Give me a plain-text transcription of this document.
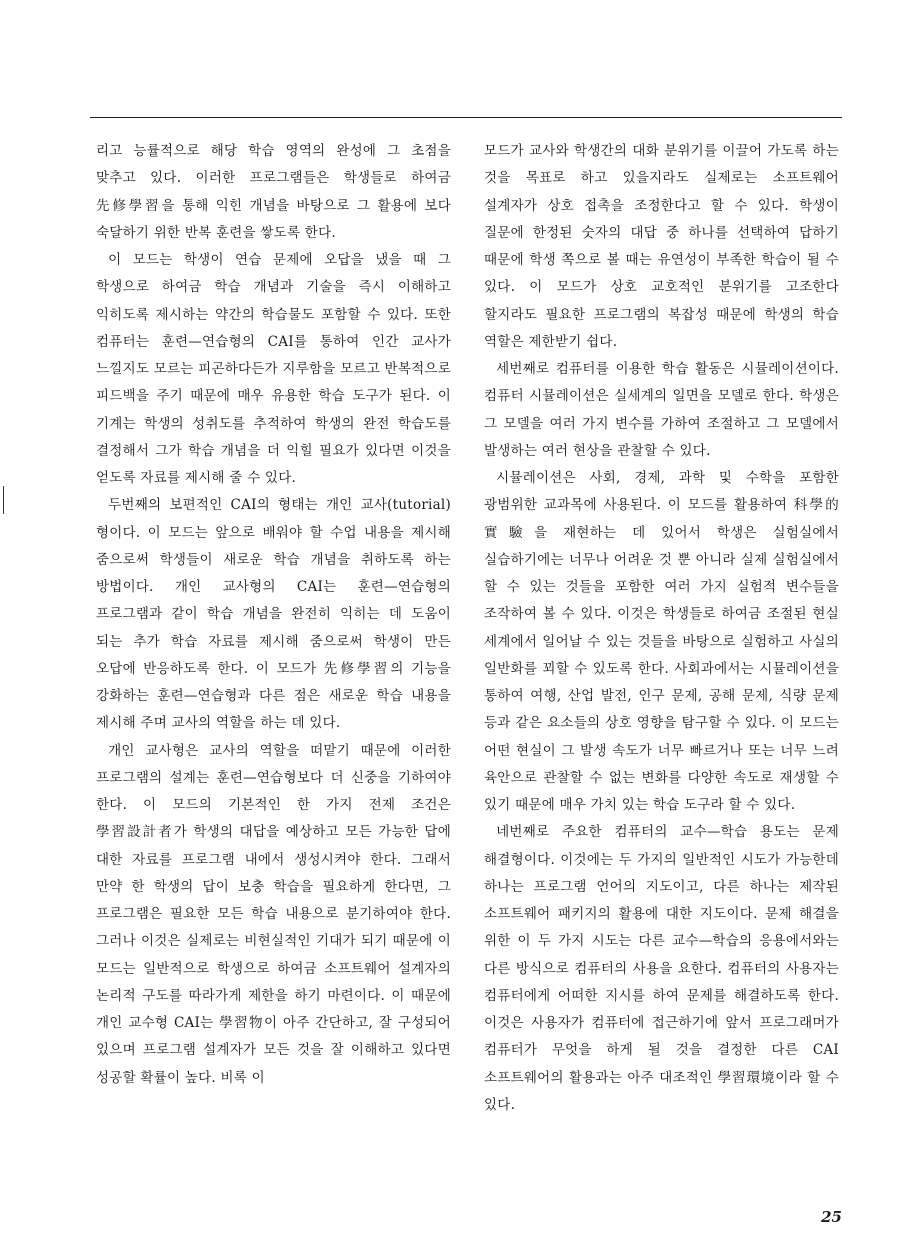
리고 능률적으로 해당 학습 영역의 완성에 그 초점을 맞추고 있다. 이러한 프로그램들은 학생들로 하여금 先修學習을 통해 익힌 개념을 바탕으로 그 활용에 보다 숙달하기 위한 반복 훈련을 쌓도록 한다.

이 모드는 학생이 연습 문제에 오답을 냈을 때 그 학생으로 하여금 학습 개념과 기술을 즉시 이해하고 익히도록 제시하는 약간의 학습물도 포함할 수 있다. 또한 컴퓨터는 훈련—연습형의 CAI를 통하여 인간 교사가 느낄지도 모르는 피곤하다든가 지루함을 모르고 반복적으로 피드백을 주기 때문에 매우 유용한 학습 도구가 된다. 이 기계는 학생의 성취도를 추적하여 학생의 완전 학습도를 결정해서 그가 학습 개념을 더 익힐 필요가 있다면 이것을 얻도록 자료를 제시해 줄 수 있다.

두번째의 보편적인 CAI의 형태는 개인 교사(tutorial)형이다. 이 모드는 앞으로 배워야 할 수업 내용을 제시해 줌으로써 학생들이 새로운 학습 개념을 취하도록 하는 방법이다. 개인 교사형의 CAI는 훈련—연습형의 프로그램과 같이 학습 개념을 완전히 익히는 데 도움이 되는 추가 학습 자료를 제시해 줌으로써 학생이 만든 오답에 반응하도록 한다. 이 모드가 先修學習의 기능을 강화하는 훈련—연습형과 다른 점은 새로운 학습 내용을 제시해 주며 교사의 역할을 하는 데 있다.

개인 교사형은 교사의 역할을 떠맡기 때문에 이러한 프로그램의 설계는 훈련—연습형보다 더 신중을 기하여야 한다. 이 모드의 기본적인 한 가지 전제 조건은 學習設計者가 학생의 대답을 예상하고 모든 가능한 답에 대한 자료를 프로그램 내에서 생성시켜야 한다. 그래서 만약 한 학생의 답이 보충 학습을 필요하게 한다면, 그 프로그램은 필요한 모든 학습 내용으로 분기하여야 한다. 그러나 이것은 실제로는 비현실적인 기대가 되기 때문에 이 모드는 일반적으로 학생으로 하여금 소프트웨어 설계자의 논리적 구도를 따라가게 제한을 하기 마련이다. 이 때문에 개인 교수형 CAI는 學習物이 아주 간단하고, 잘 구성되어 있으며 프로그램 설계자가 모든 것을 잘 이해하고 있다면 성공할 확률이 높다. 비록 이

모드가 교사와 학생간의 대화 분위기를 이끌어 가도록 하는 것을 목표로 하고 있을지라도 실제로는 소프트웨어 설계자가 상호 접촉을 조정한다고 할 수 있다. 학생이 질문에 한정된 숫자의 대답 중 하나를 선택하여 답하기 때문에 학생 쪽으로 볼 때는 유연성이 부족한 학습이 될 수 있다. 이 모드가 상호 교호적인 분위기를 고조한다 할지라도 필요한 프로그램의 복잡성 때문에 학생의 학습 역할은 제한받기 쉽다.

세번째로 컴퓨터를 이용한 학습 활동은 시뮬레이션이다. 컴퓨터 시뮬레이션은 실세계의 일면을 모델로 한다. 학생은 그 모델을 여러 가지 변수를 가하여 조절하고 그 모델에서 발생하는 여러 현상을 관찰할 수 있다.

시뮬레이션은 사회, 경제, 과학 및 수학을 포함한 광범위한 교과목에 사용된다. 이 모드를 활용하여 科學的 實驗을 재현하는 데 있어서 학생은 실험실에서 실습하기에는 너무나 어려운 것 뿐 아니라 실제 실험실에서 할 수 있는 것들을 포함한 여러 가지 실험적 변수들을 조작하여 볼 수 있다. 이것은 학생들로 하여금 조절된 현실 세계에서 일어날 수 있는 것들을 바탕으로 실험하고 사실의 일반화를 꾀할 수 있도록 한다. 사회과에서는 시뮬레이션을 통하여 여행, 산업 발전, 인구 문제, 공해 문제, 식량 문제 등과 같은 요소들의 상호 영향을 탐구할 수 있다. 이 모드는 어떤 현실이 그 발생 속도가 너무 빠르거나 또는 너무 느려 육안으로 관찰할 수 없는 변화를 다양한 속도로 재생할 수 있기 때문에 매우 가치 있는 학습 도구라 할 수 있다.

네번째로 주요한 컴퓨터의 교수—학습 용도는 문제 해결형이다. 이것에는 두 가지의 일반적인 시도가 가능한데 하나는 프로그램 언어의 지도이고, 다른 하나는 제작된 소프트웨어 패키지의 활용에 대한 지도이다. 문제 해결을 위한 이 두 가지 시도는 다른 교수—학습의 응용에서와는 다른 방식으로 컴퓨터의 사용을 요한다. 컴퓨터의 사용자는 컴퓨터에게 어떠한 지시를 하여 문제를 해결하도록 한다. 이것은 사용자가 컴퓨터에 접근하기에 앞서 프로그래머가 컴퓨터가 무엇을 하게 될 것을 결정한 다른 CAI 소프트웨어의 활용과는 아주 대조적인 學習環境이라 할 수 있다.

25
